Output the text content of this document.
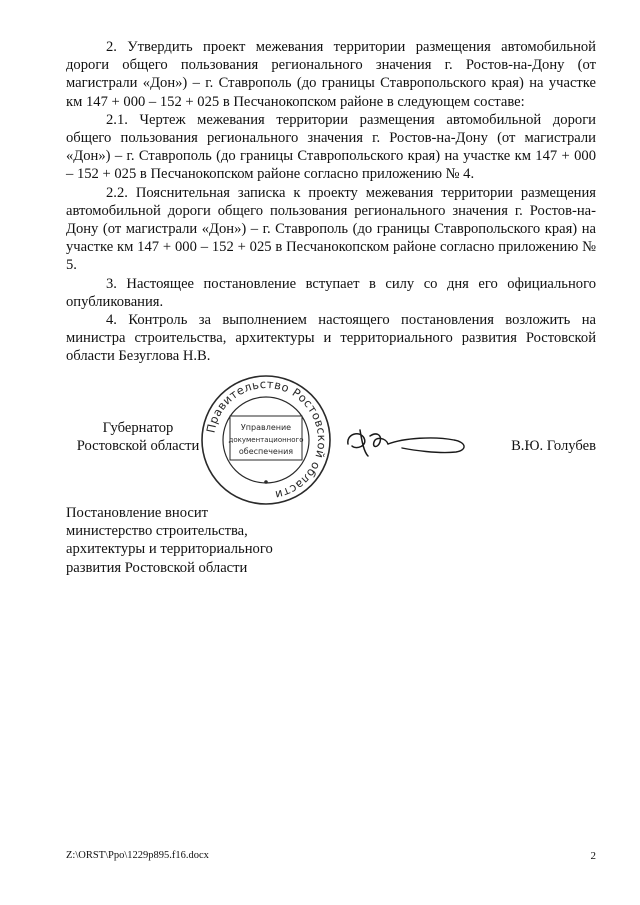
2. Утвердить проект межевания территории размещения автомобильной дороги общего пользования регионального значения г. Ростов-на-Дону (от магистрали «Дон») – г. Ставрополь (до границы Ставропольского края) на участке км 147 + 000 – 152 + 025 в Песчанокопском районе в следующем составе:

2.1. Чертеж межевания территории размещения автомобильной дороги общего пользования регионального значения г. Ростов-на-Дону (от магистрали «Дон») – г. Ставрополь (до границы Ставропольского края) на участке км 147 + 000 – 152 + 025 в Песчанокопском районе согласно приложению № 4.

2.2. Пояснительная записка к проекту межевания территории размещения автомобильной дороги общего пользования регионального значения г. Ростов-на-Дону (от магистрали «Дон») – г. Ставрополь (до границы Ставропольского края) на участке км 147 + 000 – 152 + 025 в Песчанокопском районе согласно приложению № 5.

3. Настоящее постановление вступает в силу со дня его официального опубликования.

4. Контроль за выполнением настоящего постановления возложить на министра строительства, архитектуры и территориального развития Ростовской области Безуглова Н.В.

Губернатор
Ростовской области
Правительство Ростовской области
Управление
документационного
обеспечения	В.Ю. Голубев
Постановление вносит
министерство строительства,
архитектуры и территориального
развития Ростовской области
Z:\ORST\Ppo\1229p895.f16.docx	2
